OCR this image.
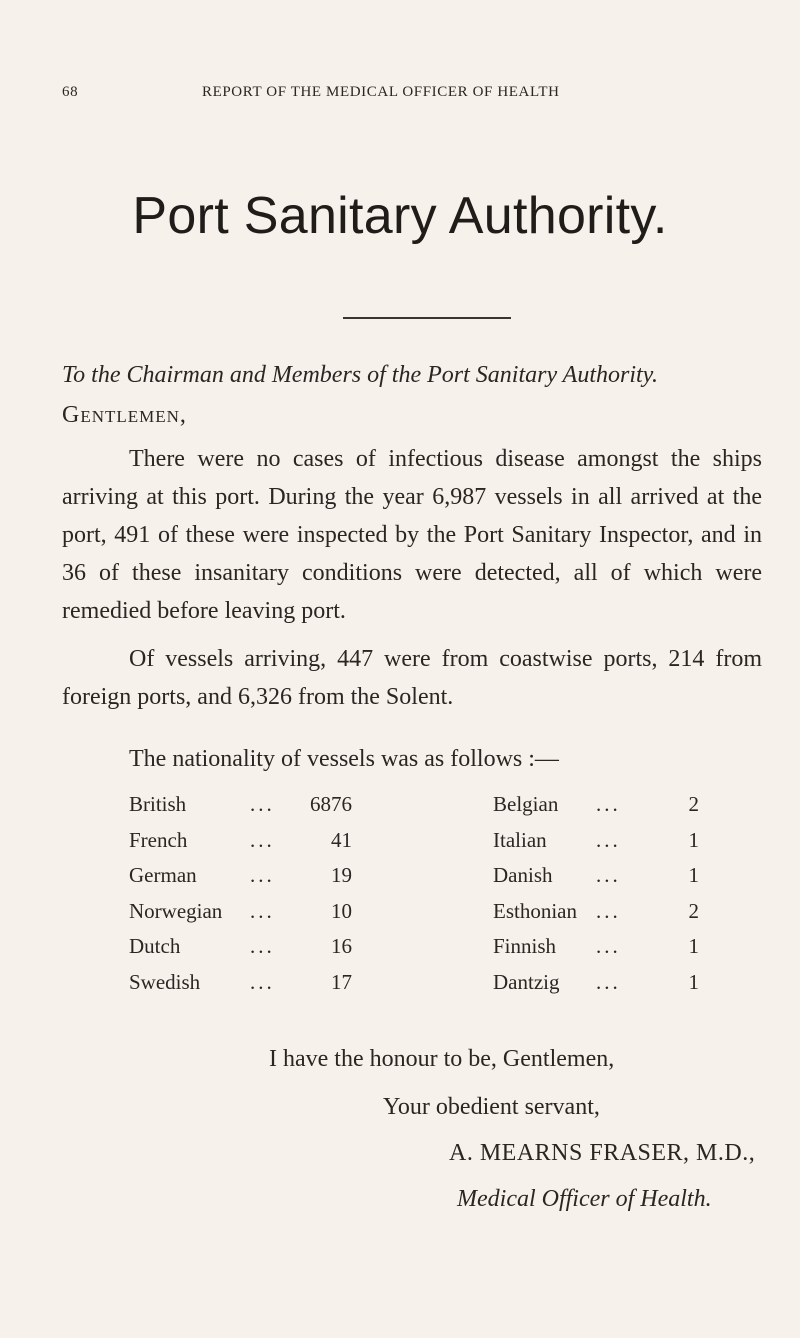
68	REPORT OF THE MEDICAL OFFICER OF HEALTH
Port Sanitary Authority.
To the Chairman and Members of the Port Sanitary Authority.
Gentlemen,
There were no cases of infectious disease amongst the ships arriving at this port. During the year 6,987 vessels in all arrived at the port, 491 of these were inspected by the Port Sanitary Inspector, and in 36 of these insanitary conditions were detected, all of which were remedied before leaving port.
Of vessels arriving, 447 were from coastwise ports, 214 from foreign ports, and 6,326 from the Solent.
The nationality of vessels was as follows :—
British	...	6876	Belgian ...	2
French	...	41	Italian ...	1
German	...	19	Danish ...	1
Norwegian ...	10	Esthonian ...	2
Dutch	...	16	Finnish ...	1
Swedish ...	17	Dantzig ...	1
I have the honour to be, Gentlemen,
Your obedient servant,
A. MEARNS FRASER, M.D.,
Medical Officer of Health.
